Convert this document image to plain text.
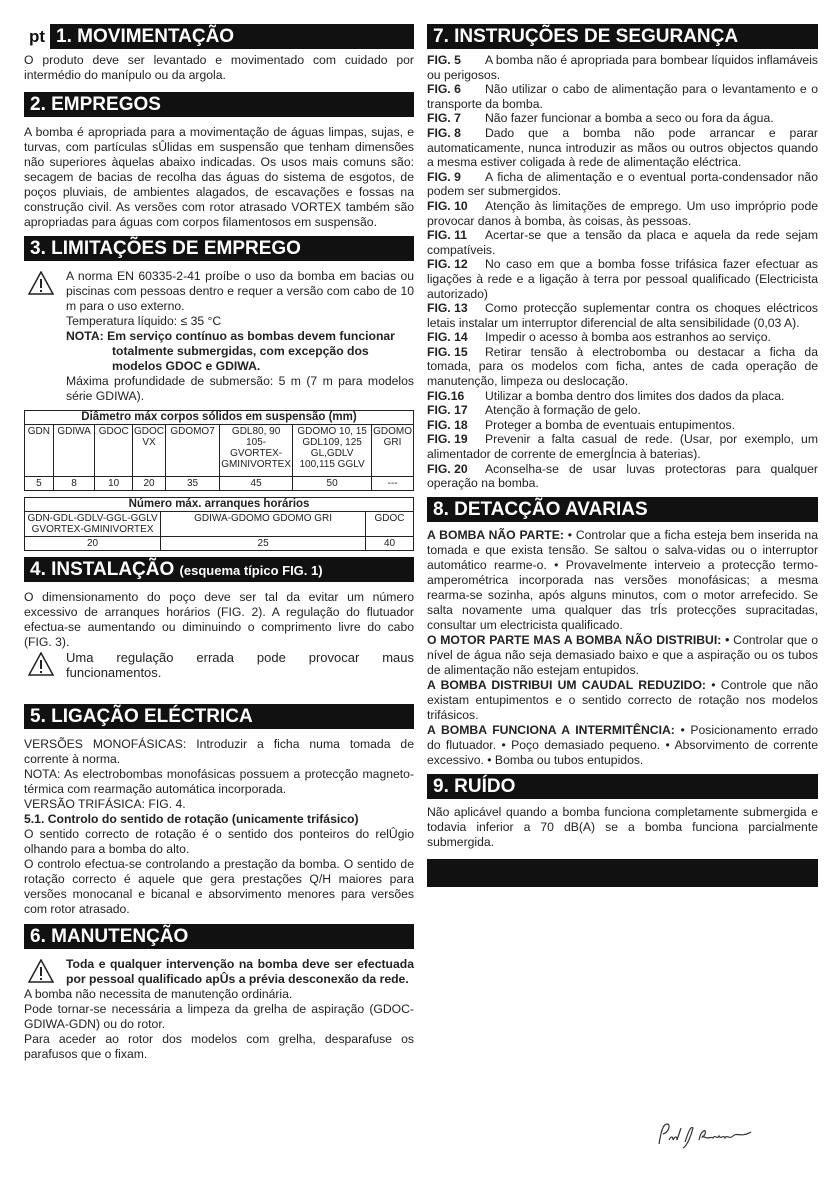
pt 1. MOVIMENTAÇÃO

O produto deve ser levantado e movimentado com cuidado por intermédio do manípulo ou da argola.

2. EMPREGOS

A bomba é apropriada para a movimentação de águas limpas, sujas, e turvas, com partículas sÛlidas em suspensão que tenham dimensões não superiores àquelas abaixo indicadas. Os usos mais comuns são: secagem de bacias de recolha das águas do sistema de esgotos, de poços pluviais, de ambientes alagados, de escavações e fossas na construção civil. As versões com rotor atrasado VORTEX também são apropriadas para águas com corpos filamentosos em suspensão.

3. LIMITAÇÕES DE EMPREGO

A norma EN 60335-2-41 proíbe o uso da bomba em bacias ou piscinas com pessoas dentro e requer a versão com cabo de 10 m para o uso externo.

Temperatura líquido: ≤ 35 °C

NOTA: Em serviço contínuo as bombas devem funcionar totalmente submergidas, com excepção dos modelos GDOC e GDIWA.

Máxima profundidade de submersão: 5 m (7 m para modelos série GDIWA).

Diâmetro máx corpos sólidos em suspensão (mm)							
GDN	GDIWA	GDOC	GDOC VX	GDOMO7	GDL80, 90 105- GVORTEX- GMINIVORTEX	GDOMO 10, 15 GDL109, 125 GL,GDLV 100,115 GGLV	GDOMO GRI
5	8	10	20	35	45	50	---
Número máx. arranques horários		
GDN-GDL-GDLV-GGL-GGLV GVORTEX-GMINIVORTEX	GDIWA-GDOMO GDOMO GRI	GDOC
20	25	40
4. INSTALAÇÃO (esquema típico FIG. 1)

O dimensionamento do poço deve ser tal da evitar um número excessivo de arranques horários (FIG. 2). A regulação do flutuador efectua-se aumentando ou diminuindo o comprimento livre do cabo (FIG. 3).

Uma regulação errada pode provocar maus funcionamentos.

5. LIGAÇÃO ELÉCTRICA

VERSÕES MONOFÁSICAS: Introduzir a ficha numa tomada de corrente à norma.

NOTA: As electrobombas monofásicas possuem a protecção magneto-térmica com rearmação automática incorporada.

VERSÃO TRIFÁSICA: FIG. 4.

5.1. Controlo do sentido de rotação (unicamente trifásico)

O sentido correcto de rotação é o sentido dos ponteiros do relÛgio olhando para a bomba do alto.

O controlo efectua-se controlando a prestação da bomba. O sentido de rotação correcto é aquele que gera prestações Q/H maiores para versões monocanal e bicanal e absorvimento menores para versões com rotor atrasado.

6. MANUTENÇÃO

Toda e qualquer intervenção na bomba deve ser efectuada por pessoal qualificado apÛs a prévia desconexão da rede.

A bomba não necessita de manutenção ordinária.

Pode tornar-se necessária a limpeza da grelha de aspiração (GDOC-GDIWA-GDN) ou do rotor.

Para aceder ao rotor dos modelos com grelha, desparafuse os parafusos que o fixam.

7. INSTRUÇÕES DE SEGURANÇA

FIG. 5 A bomba não é apropriada para bombear líquidos inflamáveis ou perigosos.

FIG. 6 Não utilizar o cabo de alimentação para o levantamento e o transporte da bomba.

FIG. 7 Não fazer funcionar a bomba a seco ou fora da água.

FIG. 8 Dado que a bomba não pode arrancar e parar automaticamente, nunca introduzir as mãos ou outros objectos quando a mesma estiver coligada à rede de alimentação eléctrica.

FIG. 9 A ficha de alimentação e o eventual porta-condensador não podem ser submergidos.

FIG. 10 Atenção às limitações de emprego. Um uso impróprio pode provocar danos à bomba, às coisas, às pessoas.

FIG. 11 Acertar-se que a tensão da placa e aquela da rede sejam compatíveis.

FIG. 12 No caso em que a bomba fosse trifásica fazer efectuar as ligações à rede e a ligação à terra por pessoal qualificado (Electricista autorizado)

FIG. 13 Como protecção suplementar contra os choques eléctricos letais instalar um interruptor diferencial de alta sensibilidade (0,03 A).

FIG. 14 Impedir o acesso à bomba aos estranhos ao serviço.

FIG. 15 Retirar tensão à electrobomba ou destacar a ficha da tomada, para os modelos com ficha, antes de cada operação de manutenção, limpeza ou deslocação.

FIG.16 Utilizar a bomba dentro dos limites dos dados da placa.

FIG. 17 Atenção à formação de gelo.

FIG. 18 Proteger a bomba de eventuais entupimentos.

FIG. 19 Prevenir a falta casual de rede. (Usar, por exemplo, um alimentador de corrente de emergÍncia à baterias).

FIG. 20 Aconselha-se de usar luvas protectoras para qualquer operação na bomba.

8. DETACÇÃO AVARIAS

A BOMBA NÃO PARTE: • Controlar que a ficha esteja bem inserida na tomada e que exista tensão. Se saltou o salva-vidas ou o interruptor automático rearme-o. • Provavelmente interveio a protecção termo-amperométrica incorporada nas versões monofásicas; a mesma rearma-se sozinha, após alguns minutos, com o motor arrefecido. Se salta novamente uma qualquer das trÍs protecções supracitadas, consultar um electricista qualificado.

O MOTOR PARTE MAS A BOMBA NÃO DISTRIBUI: • Controlar que o nível de água não seja demasiado baixo e que a aspiração ou os tubos de alimentação não estejam entupidos.

A BOMBA DISTRIBUI UM CAUDAL REDUZIDO: • Controle que não existam entupimentos e o sentido correcto de rotação nos modelos trifásicos.

A BOMBA FUNCIONA A INTERMITÊNCIA: • Posicionamento errado do flutuador. • Poço demasiado pequeno. • Absorvimento de corrente excessivo. • Bomba ou tubos entupidos.

9. RUÍDO

Não aplicável quando a bomba funciona completamente submergida e todavia inferior a 70 dB(A) se a bomba funciona parcialmente submergida.
